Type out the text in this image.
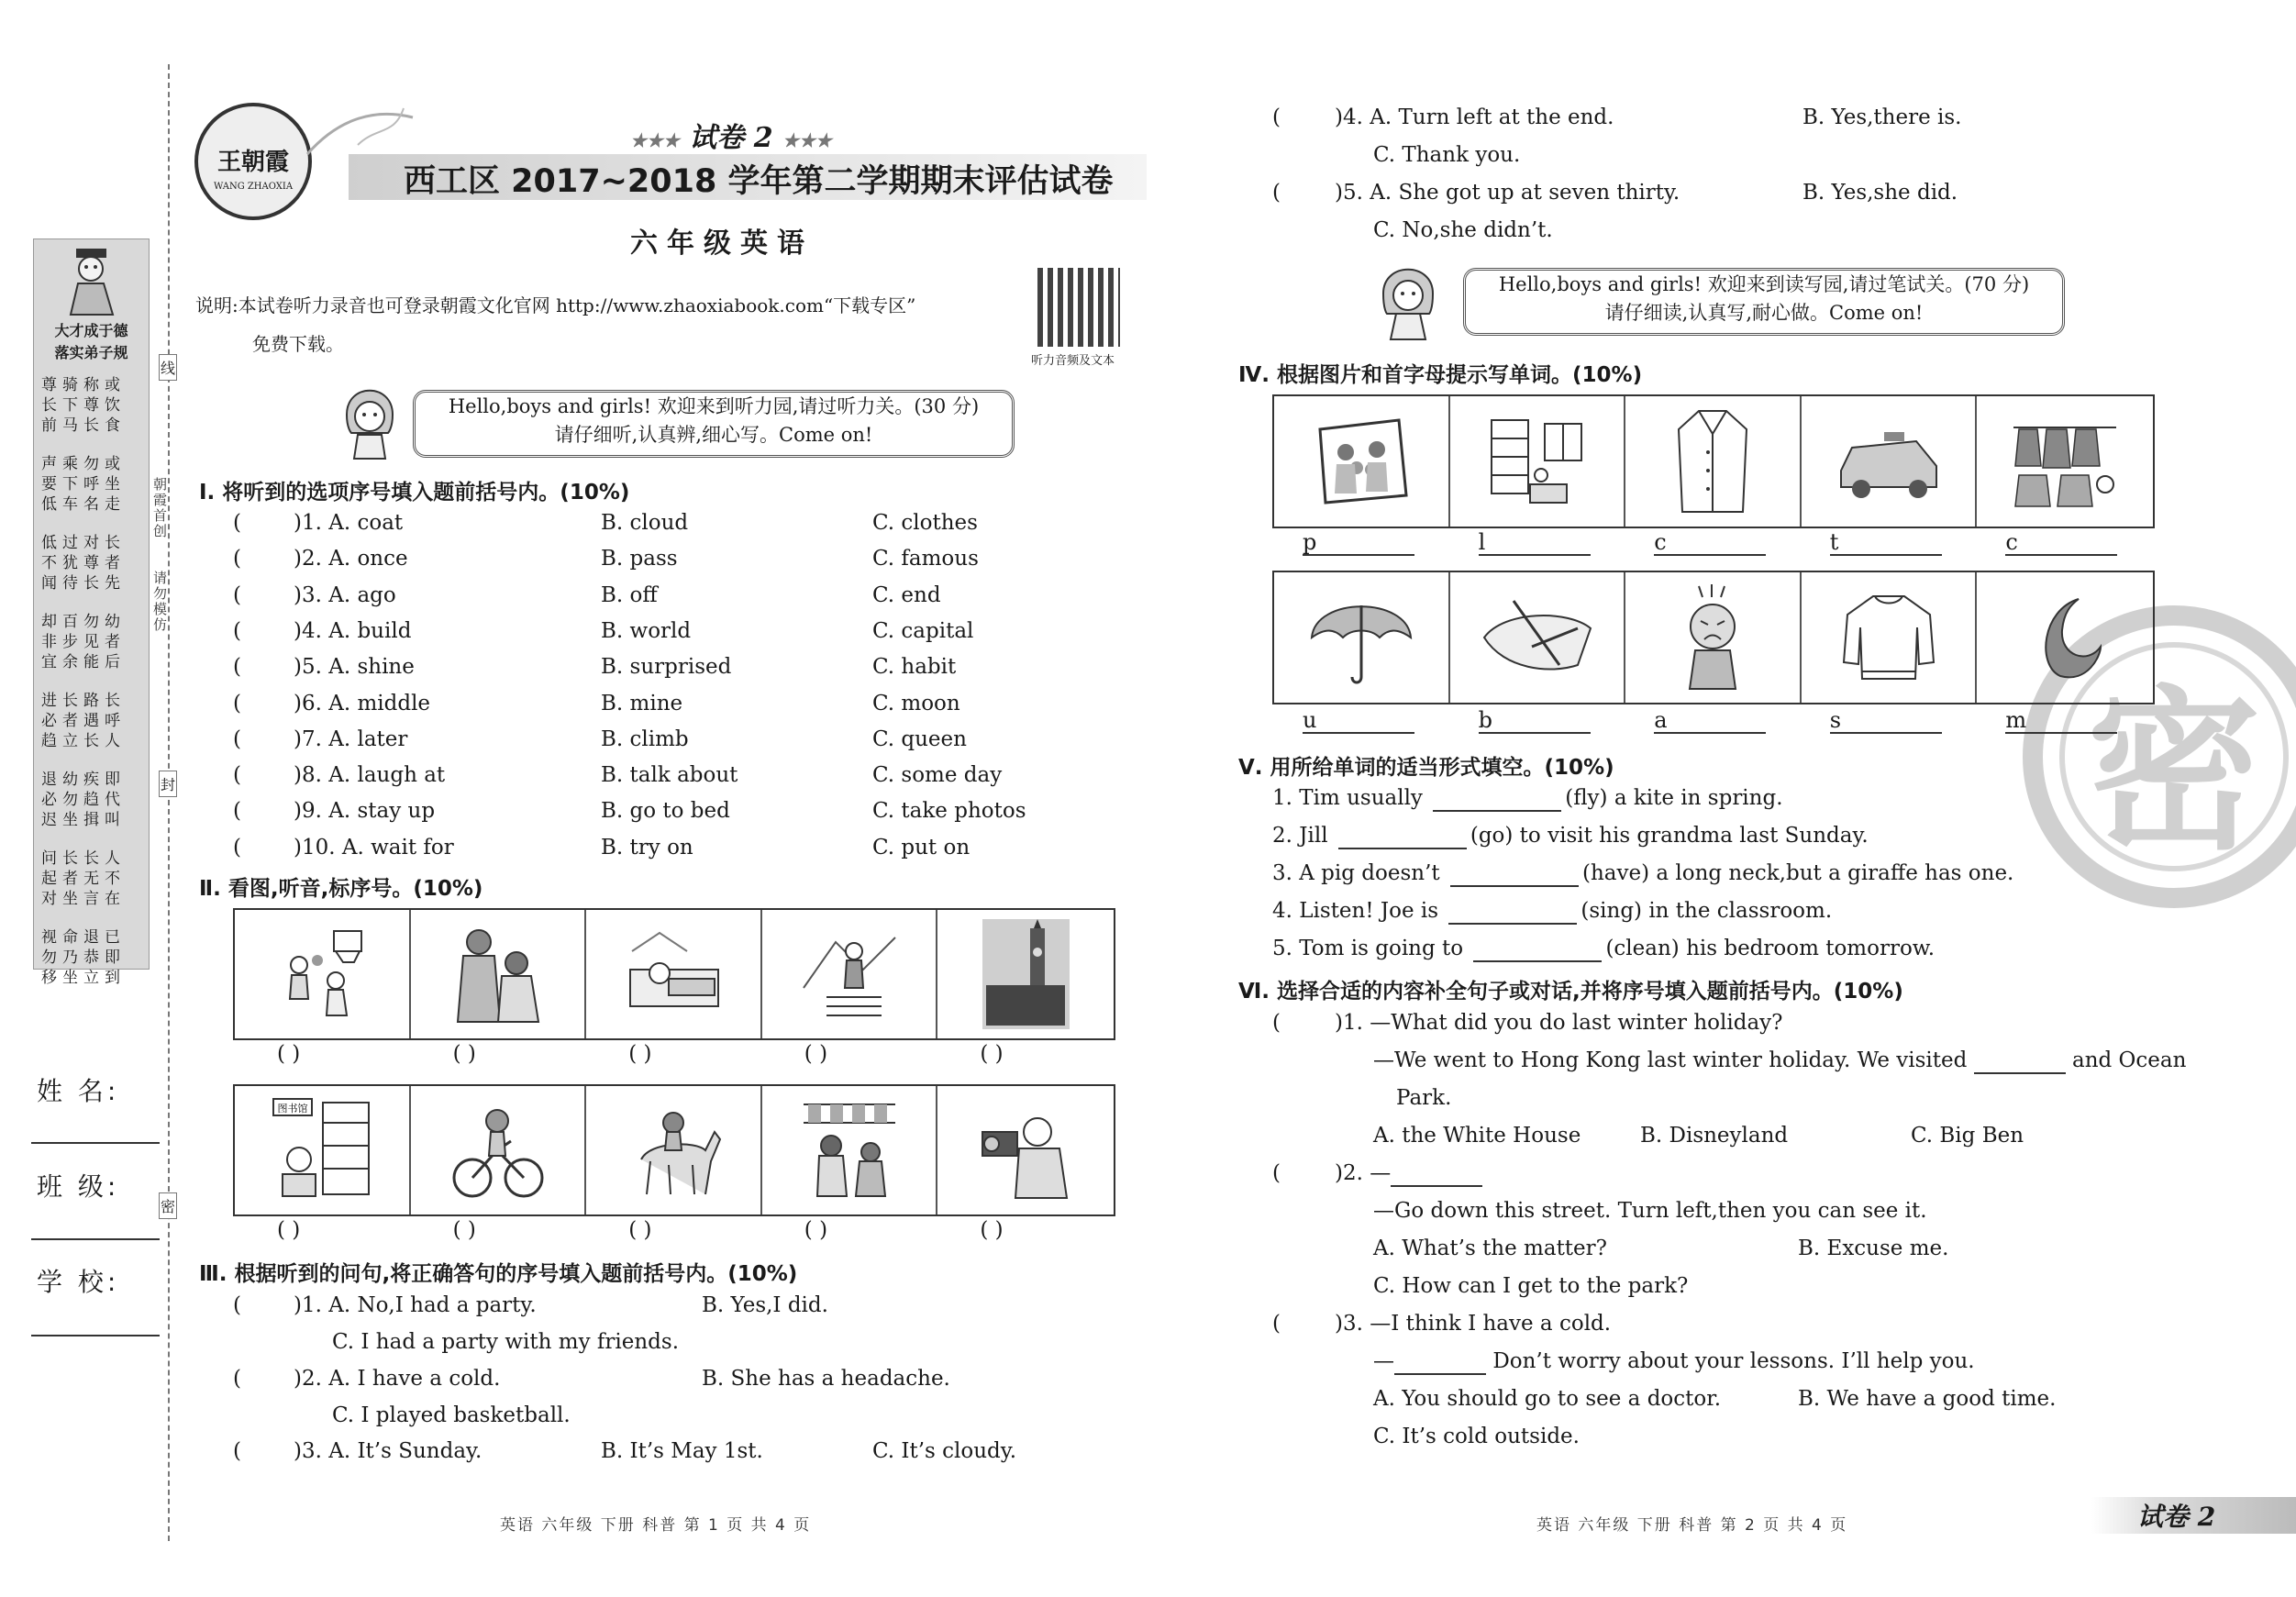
大才成于德
落实弟子规
尊骑称或
长下尊饮
前马长食
声乘勿或
要下呼坐
低车名走
低过对长
不犹尊者
闻待长先
却百勿幼
非步见者
宜余能后
进长路长
必者遇呼
趋立长人
退幼疾即
必勿趋代
迟坐揖叫
问长长人
起者无不
对坐言在
视命退已
勿乃恭即
移坐立到
朝霞首创
请勿模仿
线
封
密
姓 名:
班 级:
学 校:
王朝霞
WANG ZHAOXIA
★★★ 试卷 2 ★★★
西工区 2017~2018 学年第二学期期末评估试卷
六年级英语
说明:本试卷听力录音也可登录朝霞文化官网 http://www.zhaoxiabook.com“下载专区”
免费下载。
听力音频及文本
Hello,boys and girls! 欢迎来到听力园,请过听力关。(30 分)
请仔细听,认真辨,细心写。Come on!
Ⅰ. 将听到的选项序号填入题前括号内。(10%)
( )1. A. coat	B. cloud	C. clothes
( )2. A. once	B. pass	C. famous
( )3. A. ago	B. off	C. end
( )4. A. build	B. world	C. capital
( )5. A. shine	B. surprised	C. habit
( )6. A. middle	B. mine	C. moon
( )7. A. later	B. climb	C. queen
( )8. A. laugh at	B. talk about	C. some day
( )9. A. stay up	B. go to bed	C. take photos
( )10. A. wait for	B. try on	C. put on
Ⅱ. 看图,听音,标序号。(10%)
图书馆
( )	( )	( )	( )	( )
( )	( )	( )	( )	( )
Ⅲ. 根据听到的问句,将正确答句的序号填入题前括号内。(10%)
( )1. A. No,I had a party.	B. Yes,I did.
C. I had a party with my friends.
( )2. A. I have a cold.	B. She has a headache.
C. I played basketball.
( )3. A. It’s Sunday.	B. It’s May 1st.	C. It’s cloudy.
英语 六年级 下册 科普 第 1 页 共 4 页
(	)4. A. Turn left at the end.	B. Yes,there is.
C. Thank you.
(	)5. A. She got up at seven thirty.	B. Yes,she did.
C. No,she didn’t.
Hello,boys and girls! 欢迎来到读写园,请过笔试关。(70 分)
请仔细读,认真写,耐心做。Come on!
密
Ⅳ. 根据图片和首字母提示写单词。(10%)
p	l	c	t	c
u	b	a	s	m
Ⅴ. 用所给单词的适当形式填空。(10%)
1. Tim usually	(fly) a kite in spring.
2. Jill	(go) to visit his grandma last Sunday.
3. A pig doesn’t	(have) a long neck,but a giraffe has one.
4. Listen! Joe is	(sing) in the classroom.
5. Tom is going to	(clean) his bedroom tomorrow.
Ⅵ. 选择合适的内容补全句子或对话,并将序号填入题前括号内。(10%)
(	)1. —What did you do last winter holiday?
—We went to Hong Kong last winter holiday. We visited	and Ocean
Park.
A. the White House	B. Disneyland	C. Big Ben
(	)2. —
—Go down this street. Turn left,then you can see it.
A. What’s the matter?	B. Excuse me.
C. How can I get to the park?
(	)3. —I think I have a cold.
—	Don’t worry about your lessons. I’ll help you.
A. You should go to see a doctor.	B. We have a good time.
C. It’s cold outside.
英语 六年级 下册 科普 第 2 页 共 4 页	试卷 2
